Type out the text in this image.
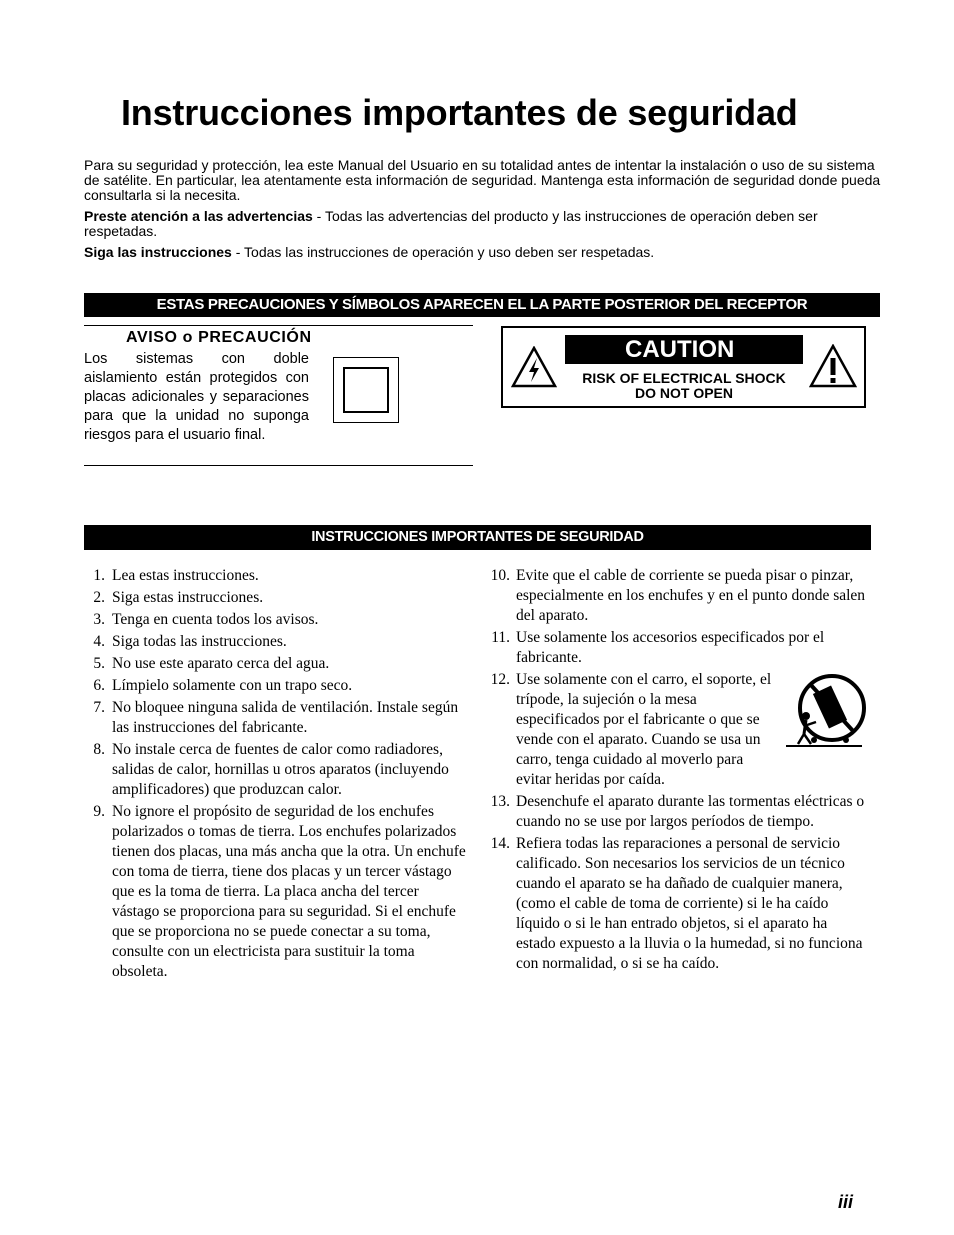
Instrucciones importantes de seguridad

Para su seguridad y protección, lea este Manual del Usuario en su totalidad antes de intentar la instalación o uso de su sistema de satélite. En particular, lea atentamente esta información de seguridad. Mantenga esta información de seguridad donde pueda consultarla si la necesita.

Preste atención a las advertencias - Todas las advertencias del producto y las instrucciones de operación deben ser respetadas.

Siga las instrucciones - Todas las instrucciones de operación y uso deben ser respetadas.

ESTAS PRECAUCIONES Y SÍMBOLOS APARECEN EL LA PARTE POSTERIOR DEL RECEPTOR
AVISO o PRECAUCIÓN
Los sistemas con doble aislamiento están protegidos con placas adicionales y separaciones para que la unidad no suponga riesgos para el usuario final.
CAUTION
RISK OF ELECTRICAL SHOCK
DO NOT OPEN
INSTRUCCIONES IMPORTANTES DE SEGURIDAD
1. Lea estas instrucciones.
2. Siga estas instrucciones.
3. Tenga en cuenta todos los avisos.
4. Siga todas las instrucciones.
5. No use este aparato cerca del agua.
6. Límpielo solamente con un trapo seco.
7. No bloquee ninguna salida de ventilación. Instale según las instrucciones del fabricante.
8. No instale cerca de fuentes de calor como radiadores, salidas de calor, hornillas u otros aparatos (incluyendo amplificadores) que produzcan calor.
9. No ignore el propósito de seguridad de los enchufes polarizados o tomas de tierra. Los enchufes polarizados tienen dos placas, una más ancha que la otra. Un enchufe con toma de tierra, tiene dos placas y un tercer vástago que es la toma de tierra. La placa ancha del tercer vástago se proporciona para su seguridad. Si el enchufe que se proporciona no se puede conectar a su toma, consulte con un electricista para sustituir la toma obsoleta.
10. Evite que el cable de corriente se pueda pisar o pinzar, especialmente en los enchufes y en el punto donde salen del aparato.
11. Use solamente los accesorios especificados por el fabricante.
12. Use solamente con el carro, el soporte, el trípode, la sujeción o la mesa especificados por el fabricante o que se vende con el aparato. Cuando se usa un carro, tenga cuidado al moverlo para evitar heridas por caída.
13. Desenchufe el aparato durante las tormentas eléctricas o cuando no se use por largos períodos de tiempo.
14. Refiera todas las reparaciones a personal de servicio calificado. Son necesarios los servicios de un técnico cuando el aparato se ha dañado de cualquier manera, (como el cable de toma de corriente) si le ha caído líquido o si le han entrado objetos, si el aparato ha estado expuesto a la lluvia o la humedad, si no funciona con normalidad, o si se ha caído.
iii
